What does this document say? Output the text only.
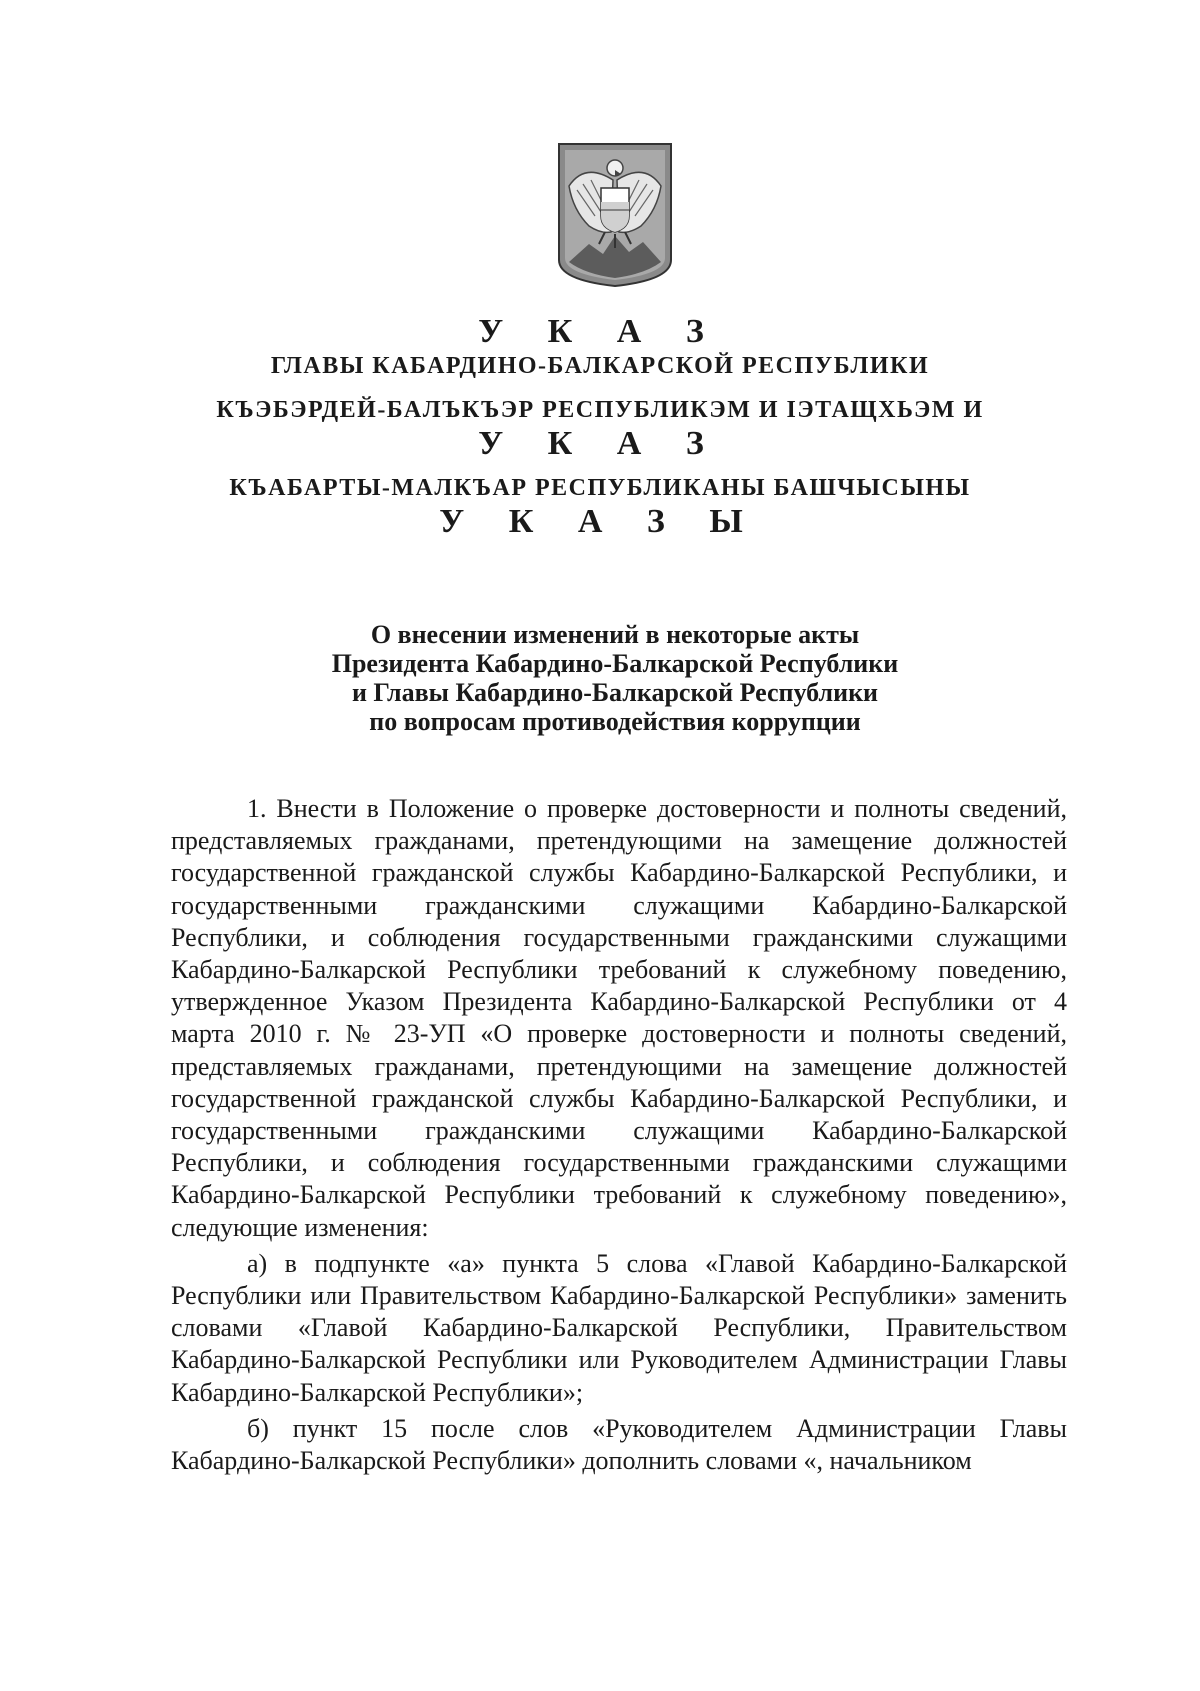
У К А З
ГЛАВЫ КАБАРДИНО-БАЛКАРСКОЙ РЕСПУБЛИКИ
КЪЭБЭРДЕЙ-БАЛЪКЪЭР РЕСПУБЛИКЭМ И ІЭТАЩХЬЭМ И
У К А З
КЪАБАРТЫ-МАЛКЪАР РЕСПУБЛИКАНЫ БАШЧЫСЫНЫ
У К А З Ы
О внесении изменений в некоторые акты
Президента Кабардино-Балкарской Республики
и Главы Кабардино-Балкарской Республики
по вопросам противодействия коррупции

1. Внести в Положение о проверке достоверности и полноты сведений, представляемых гражданами, претендующими на замещение должностей государственной гражданской службы Кабардино-Балкарской Республики, и государственными гражданскими служащими Кабардино-Балкарской Республики, и соблюдения государственными гражданскими служащими Кабардино-Балкарской Республики требований к служебному поведению, утвержденное Указом Президента Кабардино-Балкарской Республики от 4 марта 2010 г. № 23-УП «О проверке достоверности и полноты сведений, представляемых гражданами, претендующими на замещение должностей государственной гражданской службы Кабардино-Балкарской Республики, и государственными гражданскими служащими Кабардино-Балкарской Республики, и соблюдения государственными гражданскими служащими Кабардино-Балкарской Республики требований к служебному поведению», следующие изменения:

а) в подпункте «а» пункта 5 слова «Главой Кабардино-Балкарской Республики или Правительством Кабардино-Балкарской Республики» заменить словами «Главой Кабардино-Балкарской Республики, Правительством Кабардино-Балкарской Республики или Руководителем Администрации Главы Кабардино-Балкарской Республики»;

б) пункт 15 после слов «Руководителем Администрации Главы Кабардино-Балкарской Республики» дополнить словами «, начальником
